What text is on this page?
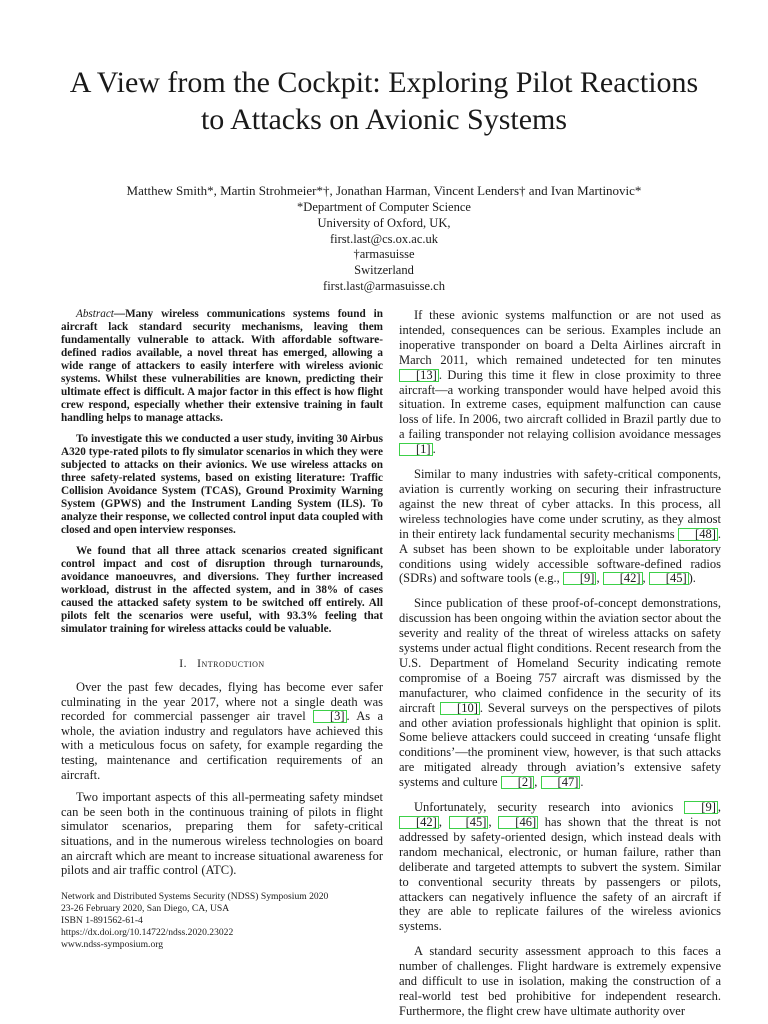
A View from the Cockpit: Exploring Pilot Reactions
to Attacks on Avionic Systems
Matthew Smith*, Martin Strohmeier*†, Jonathan Harman, Vincent Lenders† and Ivan Martinovic*
*Department of Computer Science
University of Oxford, UK,
first.last@cs.ox.ac.uk
†armasuisse
Switzerland
first.last@armasuisse.ch

Abstract—Many wireless communications systems found in aircraft lack standard security mechanisms, leaving them fundamentally vulnerable to attack. With affordable software-defined radios available, a novel threat has emerged, allowing a wide range of attackers to easily interfere with wireless avionic systems. Whilst these vulnerabilities are known, predicting their ultimate effect is difficult. A major factor in this effect is how flight crew respond, especially whether their extensive training in fault handling helps to manage attacks.

To investigate this we conducted a user study, inviting 30 Airbus A320 type-rated pilots to fly simulator scenarios in which they were subjected to attacks on their avionics. We use wireless attacks on three safety-related systems, based on existing literature: Traffic Collision Avoidance System (TCAS), Ground Proximity Warning System (GPWS) and the Instrument Landing System (ILS). To analyze their response, we collected control input data coupled with closed and open interview responses.

We found that all three attack scenarios created significant control impact and cost of disruption through turnarounds, avoidance manoeuvres, and diversions. They further increased workload, distrust in the affected system, and in 38% of cases caused the attacked safety system to be switched off entirely. All pilots felt the scenarios were useful, with 93.3% feeling that simulator training for wireless attacks could be valuable.

I. Introduction

Over the past few decades, flying has become ever safer culminating in the year 2017, where not a single death was recorded for commercial passenger air travel [3] . As a whole, the aviation industry and regulators have achieved this with a meticulous focus on safety, for example regarding the testing, maintenance and certification requirements of an aircraft.

Two important aspects of this all-permeating safety mindset can be seen both in the continuous training of pilots in flight simulator scenarios, preparing them for safety-critical situations, and in the numerous wireless technologies on board an aircraft which are meant to increase situational awareness for pilots and air traffic control (ATC).

Network and Distributed Systems Security (NDSS) Symposium 2020
23-26 February 2020, San Diego, CA, USA
ISBN 1-891562-61-4
https://dx.doi.org/10.14722/ndss.2020.23022
www.ndss-symposium.org

If these avionic systems malfunction or are not used as intended, consequences can be serious. Examples include an inoperative transponder on board a Delta Airlines aircraft in March 2011, which remained undetected for ten minutes [13] . During this time it flew in close proximity to three aircraft—a working transponder would have helped avoid this situation. In extreme cases, equipment malfunction can cause loss of life. In 2006, two aircraft collided in Brazil partly due to a failing transponder not relaying collision avoidance messages [1] .

Similar to many industries with safety-critical components, aviation is currently working on securing their infrastructure against the new threat of cyber attacks. In this process, all wireless technologies have come under scrutiny, as they almost in their entirety lack fundamental security mechanisms [48] . A subset has been shown to be exploitable under laboratory conditions using widely accessible software-defined radios (SDRs) and software tools (e.g., [9] , [42] , [45] ).

Since publication of these proof-of-concept demonstrations, discussion has been ongoing within the aviation sector about the severity and reality of the threat of wireless attacks on safety systems under actual flight conditions. Recent research from the U.S. Department of Homeland Security indicating remote compromise of a Boeing 757 aircraft was dismissed by the manufacturer, who claimed confidence in the security of its aircraft [10] . Several surveys on the perspectives of pilots and other aviation professionals highlight that opinion is split. Some believe attackers could succeed in creating ‘unsafe flight conditions’—the prominent view, however, is that such attacks are mitigated already through aviation’s extensive safety systems and culture [2] , [47] .

Unfortunately, security research into avionics [9] , [42] , [45] , [46] has shown that the threat is not addressed by safety-oriented design, which instead deals with random mechanical, electronic, or human failure, rather than deliberate and targeted attempts to subvert the system. Similar to conventional security threats by passengers or pilots, attackers can negatively influence the safety of an aircraft if they are able to replicate failures of the wireless avionics systems.

A standard security assessment approach to this faces a number of challenges. Flight hardware is extremely expensive and difficult to use in isolation, making the construction of a real-world test bed prohibitive for independent research. Furthermore, the flight crew have ultimate authority over
